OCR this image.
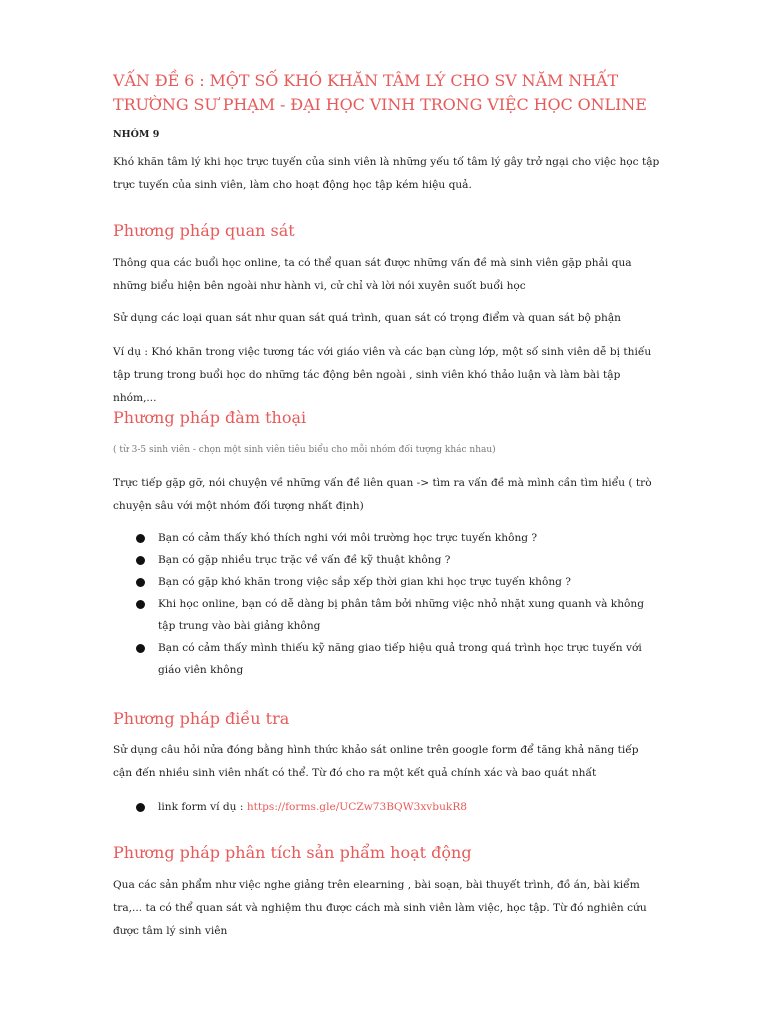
VẤN ĐỀ 6 : MỘT SỐ KHÓ KHĂN TÂM LÝ CHO SV NĂM NHẤT TRƯỜNG SƯ PHẠM - ĐẠI HỌC VINH TRONG VIỆC HỌC ONLINE

NHÓM 9

Khó khăn tâm lý khi học trực tuyến của sinh viên là những yếu tố tâm lý gây trở ngại cho việc học tập trực tuyến của sinh viên, làm cho hoạt động học tập kém hiệu quả.

Phương pháp quan sát

Thông qua các buổi học online, ta có thể quan sát được những vấn đề mà sinh viên gặp phải qua những biểu hiện bên ngoài như hành vi, cử chỉ và lời nói xuyên suốt buổi học

Sử dụng các loại quan sát như quan sát quá trình, quan sát có trọng điểm và quan sát bộ phận

Ví dụ : Khó khăn trong việc tương tác với giáo viên và các bạn cùng lớp, một số sinh viên dễ bị thiếu tập trung trong buổi học do những tác động bên ngoài , sinh viên khó thảo luận và làm bài tập nhóm,...

Phương pháp đàm thoại

( từ 3-5 sinh viên - chọn một sinh viên tiêu biểu cho mỗi nhóm đối tượng khác nhau)

Trực tiếp gặp gỡ, nói chuyện về những vấn đề liên quan -> tìm ra vấn đề mà mình cần tìm hiểu ( trò chuyện sâu với một nhóm đối tượng nhất định)

Bạn có cảm thấy khó thích nghi với môi trường học trực tuyến không ?
Bạn có gặp nhiều trục trặc về vấn đề kỹ thuật không ?
Bạn có gặp khó khăn trong việc sắp xếp thời gian khi học trực tuyến không ?
Khi học online, bạn có dễ dàng bị phân tâm bởi những việc nhỏ nhặt xung quanh và không tập trung vào bài giảng không
Bạn có cảm thấy mình thiếu kỹ năng giao tiếp hiệu quả trong quá trình học trực tuyến với giáo viên không
Phương pháp điều tra

Sử dụng câu hỏi nửa đóng bằng hình thức khảo sát online trên google form để tăng khả năng tiếp cận đến nhiều sinh viên nhất có thể. Từ đó cho ra một kết quả chính xác và bao quát nhất

link form ví dụ : https://forms.gle/UCZw73BQW3xvbukR8
Phương pháp phân tích sản phẩm hoạt động

Qua các sản phẩm như việc nghe giảng trên elearning , bài soạn, bài thuyết trình, đồ án, bài kiểm tra,... ta có thể quan sát và nghiệm thu được cách mà sinh viên làm việc, học tập. Từ đó nghiên cứu được tâm lý sinh viên
